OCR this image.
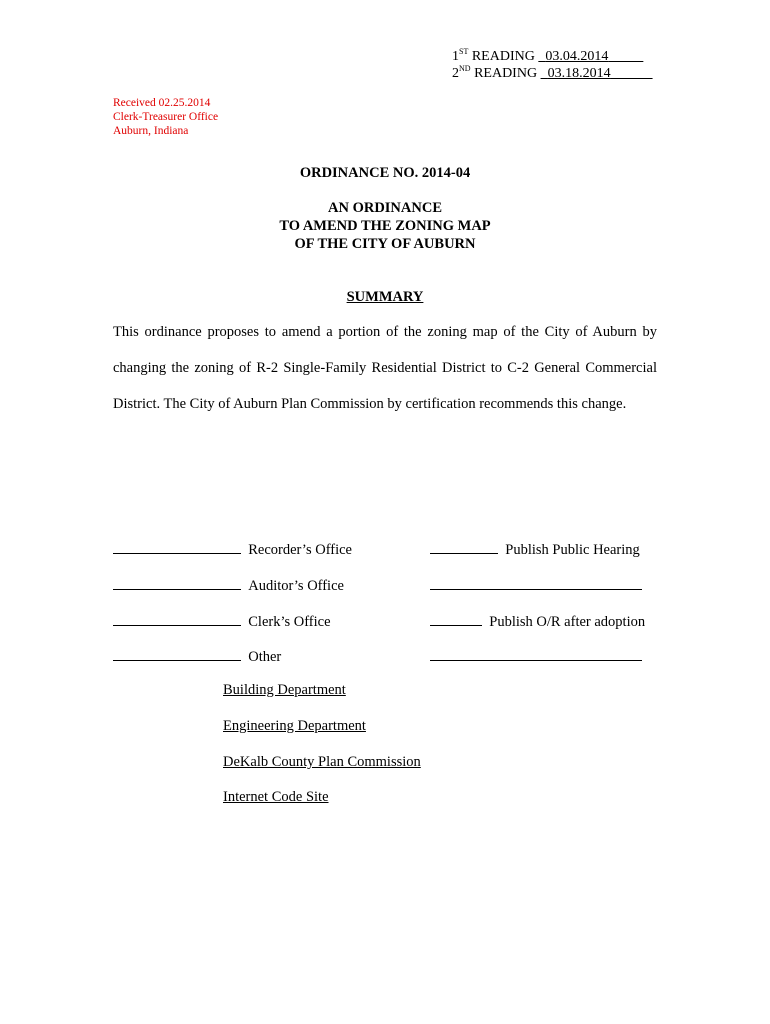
1ST READING 03.04.2014
2ND READING 03.18.2014
Received 02.25.2014
Clerk-Treasurer Office
Auburn, Indiana
ORDINANCE NO. 2014-04
AN ORDINANCE
TO AMEND THE ZONING MAP
OF THE CITY OF AUBURN
SUMMARY
This ordinance proposes to amend a portion of the zoning map of the City of Auburn by changing the zoning of R-2 Single-Family Residential District to C-2 General Commercial District. The City of Auburn Plan Commission by certification recommends this change.
Recorder’s Office
Auditor’s Office
Clerk’s Office
Other
Publish Public Hearing
Publish O/R after adoption
Building Department
Engineering Department
DeKalb County Plan Commission
Internet Code Site
